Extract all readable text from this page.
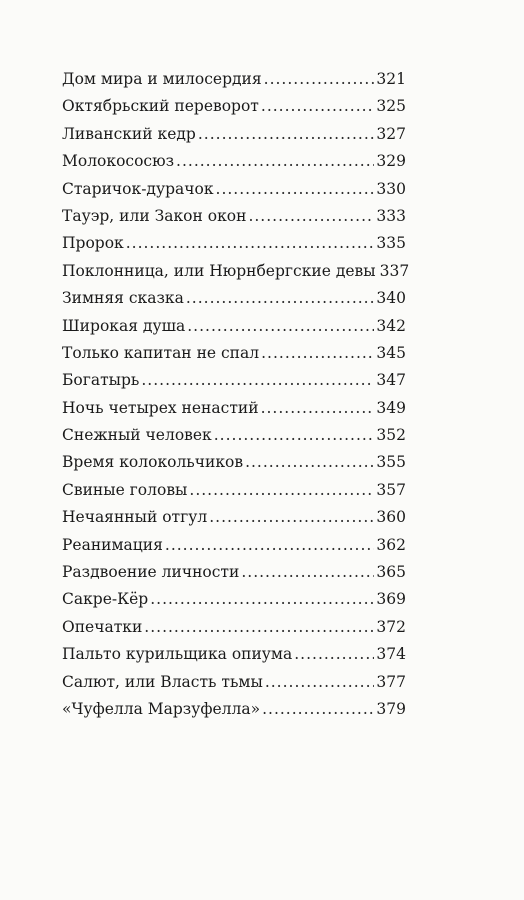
Дом мира и милосердия .....	321
Октябрьский переворот .....	325
Ливанский кедр .....	327
Молокососюз .....	329
Старичок-дурачок .....	330
Тауэр, или Закон окон .....	333
Пророк .....	335
Поклонница, или Нюрнбергские девы 337
Зимняя сказка .....	340
Широкая душа .....	342
Только капитан не спал .....	345
Богатырь .....	347
Ночь четырех ненастий .....	349
Снежный человек .....	352
Время колокольчиков .....	355
Свиные головы .....	357
Нечаянный отгул .....	360
Реанимация .....	362
Раздвоение личности .....	365
Сакре-Кёр .....	369
Опечатки .....	372
Пальто курильщика опиума .....	374
Салют, или Власть тьмы .....	377
«Чуфелла Марзуфелла» .....	379
